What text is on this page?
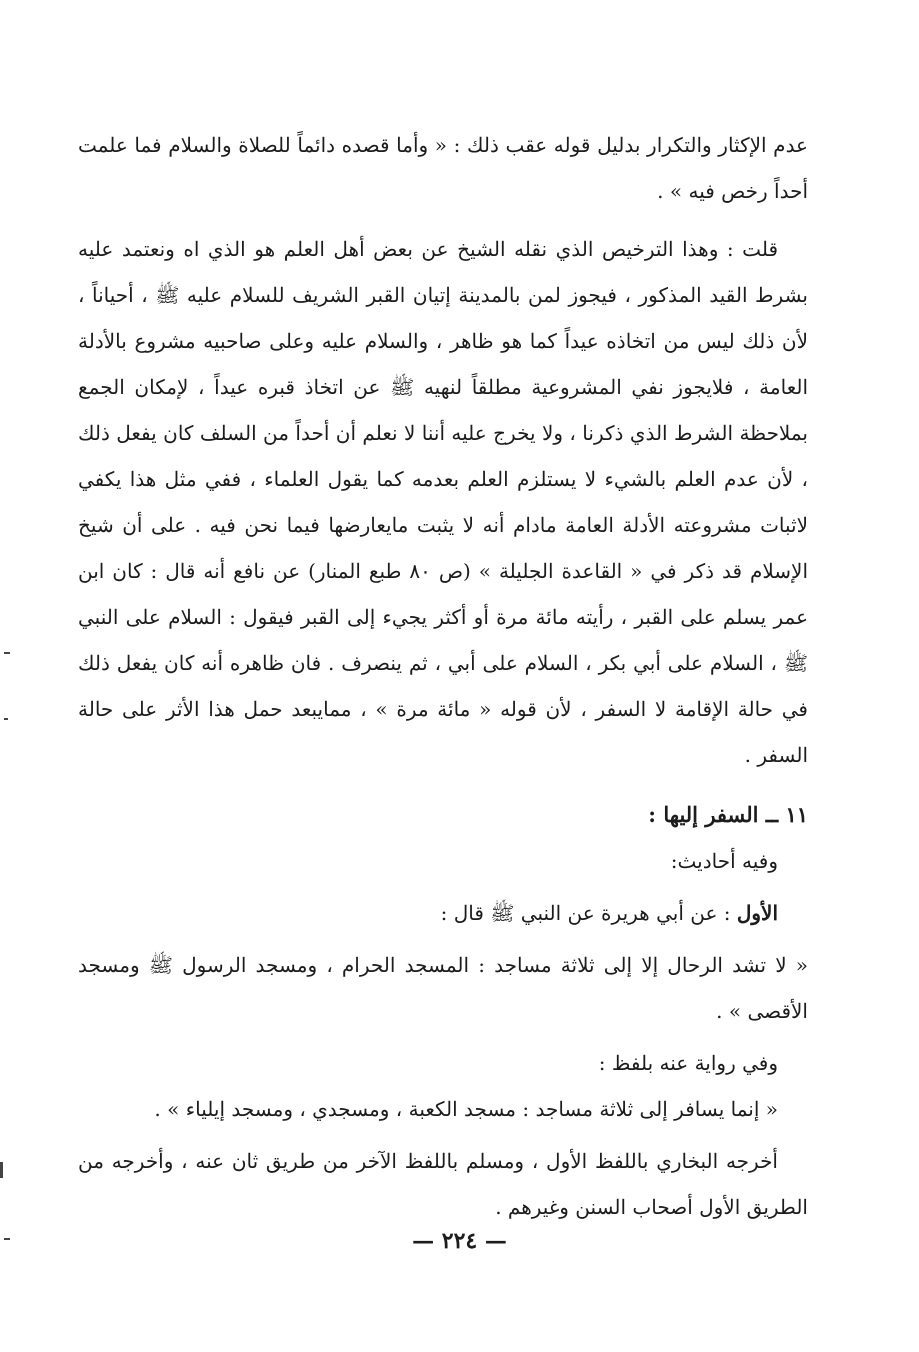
عدم الإكثار والتكرار بدليل قوله عقب ذلك : « وأما قصده دائماً للصلاة والسلام فما علمت أحداً رخص فيه » .

قلت : وهذا الترخيص الذي نقله الشيخ عن بعض أهل العلم هو الذي اه ونعتمد عليه بشرط القيد المذكور ، فيجوز لمن بالمدينة إتيان القبر الشريف للسلام عليه ﷺ ، أحياناً ، لأن ذلك ليس من اتخاذه عيداً كما هو ظاهر ، والسلام عليه وعلى صاحبيه مشروع بالأدلة العامة ، فلايجوز نفي المشروعية مطلقاً لنهيه ﷺ عن اتخاذ قبره عيداً ، لإمكان الجمع بملاحظة الشرط الذي ذكرنا ، ولا يخرج عليه أننا لا نعلم أن أحداً من السلف كان يفعل ذلك ، لأن عدم العلم بالشيء لا يستلزم العلم بعدمه كما يقول العلماء ، ففي مثل هذا يكفي لاثبات مشروعته الأدلة العامة مادام أنه لا يثبت مايعارضها فيما نحن فيه . على أن شيخ الإسلام قد ذكر في « القاعدة الجليلة » (ص ٨٠ طبع المنار) عن نافع أنه قال : كان ابن عمر يسلم على القبر ، رأيته مائة مرة أو أكثر يجيء إلى القبر فيقول : السلام على النبي ﷺ ، السلام على أبي بكر ، السلام على أبي ، ثم ينصرف . فان ظاهره أنه كان يفعل ذلك في حالة الإقامة لا السفر ، لأن قوله « مائة مرة » ، ممايبعد حمل هذا الأثر على حالة السفر .

١١ ــ السفر إليها :

وفيه أحاديث:

الأول : عن أبي هريرة عن النبي ﷺ قال :

« لا تشد الرحال إلا إلى ثلاثة مساجد : المسجد الحرام ، ومسجد الرسول ﷺ ومسجد الأقصى » .

وفي رواية عنه بلفظ :

« إنما يسافر إلى ثلاثة مساجد : مسجد الكعبة ، ومسجدي ، ومسجد إيلياء » .

أخرجه البخاري باللفظ الأول ، ومسلم باللفظ الآخر من طريق ثان عنه ، وأخرجه من الطريق الأول أصحاب السنن وغيرهم .

— ٢٢٤ —
